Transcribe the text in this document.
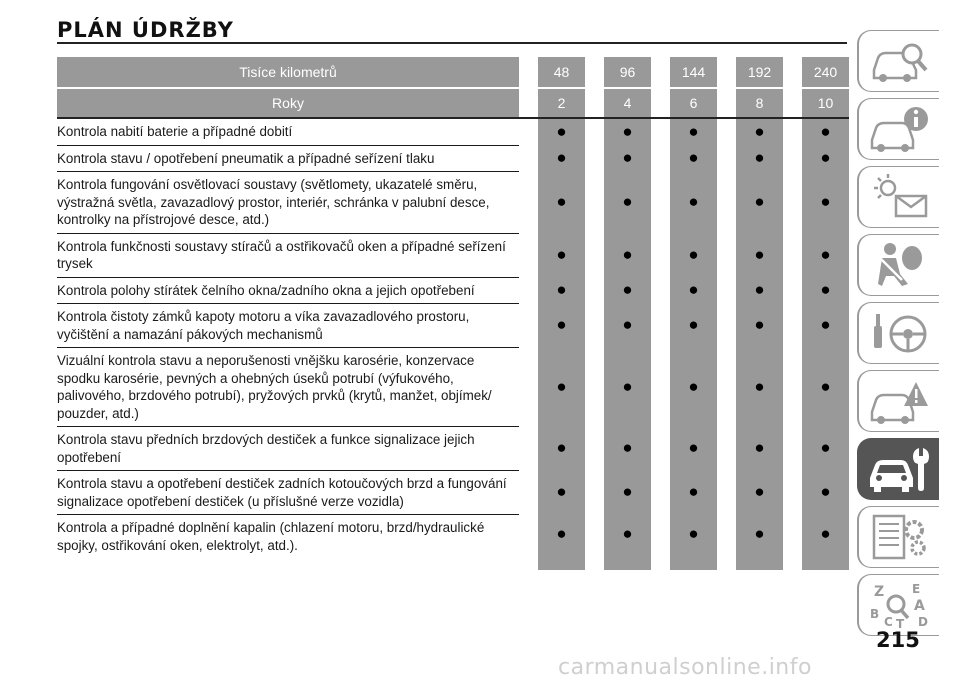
PLÁN ÚDRŽBY
Tisíce kilometrů		48		96		144		192		240
Roky		2		4		6		8		10
Kontrola nabití baterie a případné dobití		●		●		●		●		●
Kontrola stavu / opotřebení pneumatik a případné seřízení tlaku		●		●		●		●		●
Kontrola fungování osvětlovací soustavy (světlomety, ukazatelé směru, výstražná světla, zavazadlový prostor, interiér, schránka v palubní desce, kontrolky na přístrojové desce, atd.)		●		●		●		●		●
Kontrola funkčnosti soustavy stíračů a ostřikovačů oken a případné seřízení trysek		●		●		●		●		●
Kontrola polohy stírátek čelního okna/zadního okna a jejich opotřebení		●		●		●		●		●
Kontrola čistoty zámků kapoty motoru a víka zavazadlového prostoru, vyčištění a namazání pákových mechanismů		●		●		●		●		●
Vizuální kontrola stavu a neporušenosti vnějšku karosérie, konzervace spodku karosérie, pevných a ohebných úseků potrubí (výfukového, palivového, brzdového potrubí), pryžových prvků (krytů, manžet, objímek/ pouzder, atd.)		●		●		●		●		●
Kontrola stavu předních brzdových destiček a funkce signalizace jejich opotřebení		●		●		●		●		●
Kontrola stavu a opotřebení destiček zadních kotoučových brzd a fungování signalizace opotřebení destiček (u příslušné verze vozidla)		●		●		●		●		●
Kontrola a případné doplnění kapalin (chlazení motoru, brzd/hydraulické spojky, ostřikování oken, elektrolyt, atd.).		●		●		●		●		●
Z E
A
D
B
C T
215
carmanualsonline.info
